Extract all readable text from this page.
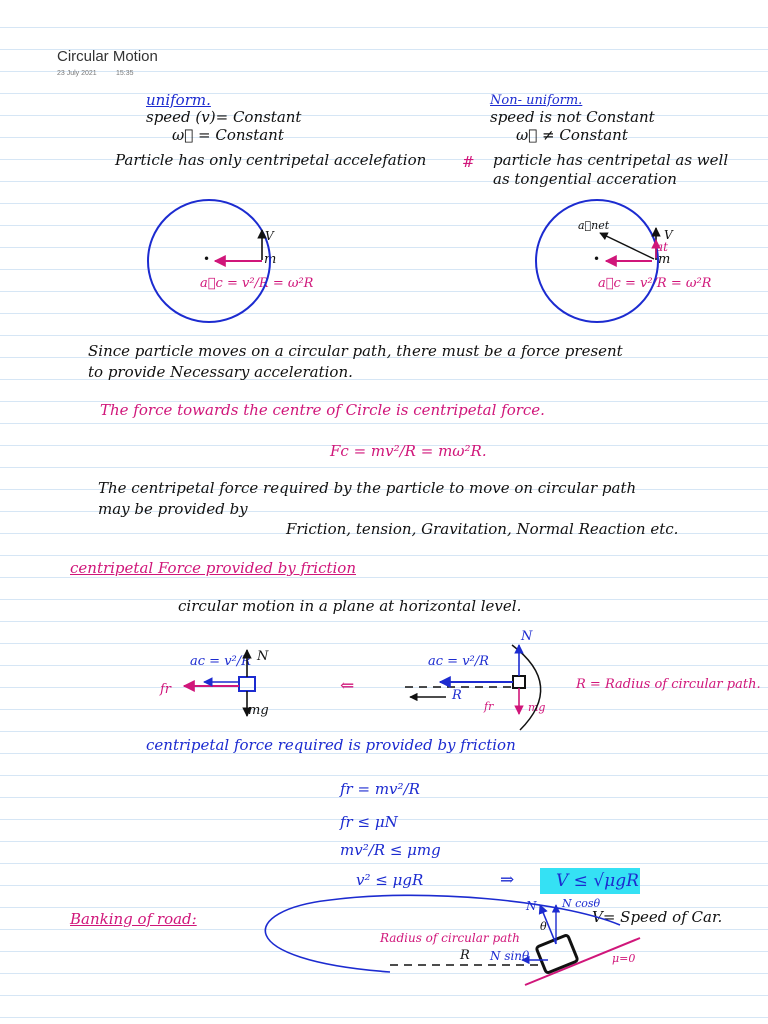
Circular Motion
23 July 2021	15:35
uniform.
speed (v)= Constant
ω⃗ = Constant
Particle has only centripetal accelefation
Non- uniform.
speed is not Constant
ω⃗ ≠ Constant
# particle has centripetal as well
as tongential acceration
V
m
•
a⃗c = v²/R = ω²R
a⃗net
V
at
m
•
a⃗c = v²/R = ω²R
Since particle moves on a circular path, there must be a force present
to provide Necessary acceleration.
The force towards the centre of Circle is centripetal force.
Fc = mv²/R = mω²R.
The centripetal force required by the particle to move on circular path
may be provided by
Friction, tension, Gravitation, Normal Reaction etc.
centripetal Force provided by friction
circular motion in a plane at horizontal level.
ac = v²/R N
fr
mg
⇐
ac = v²/R
N
R
fr	mg
R = Radius of circular path.
centripetal force required is provided by friction
fr = mv²/R
fr ≤ μN
mv²/R ≤ μmg
v² ≤ μgR	⇒ V ≤ √μgR
Banking of road:
Radius of circular path
R N sinθ
N N cosθ
θ
V= Speed of Car.
μ=0
